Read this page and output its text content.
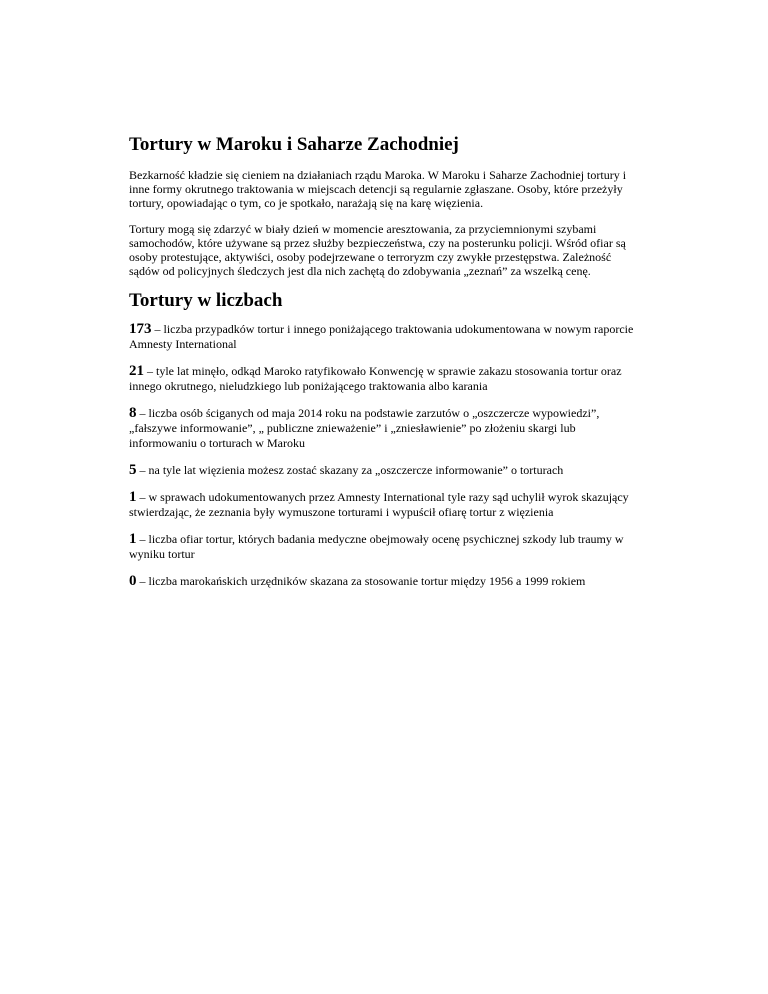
Tortury w Maroku i Saharze Zachodniej

Bezkarność kładzie się cieniem na działaniach rządu Maroka. W Maroku i Saharze Zachodniej tortury i inne formy okrutnego traktowania w miejscach detencji są regularnie zgłaszane. Osoby, które przeżyły tortury, opowiadając o tym, co je spotkało, narażają się na karę więzienia.

Tortury mogą się zdarzyć w biały dzień w momencie aresztowania, za przyciemnionymi szybami samochodów, które używane są przez służby bezpieczeństwa, czy na posterunku policji. Wśród ofiar są osoby protestujące, aktywiści, osoby podejrzewane o terroryzm czy zwykłe przestępstwa. Zależność sądów od policyjnych śledczych jest dla nich zachętą do zdobywania „zeznań” za wszelką cenę.

Tortury w liczbach
173 – liczba przypadków tortur i innego poniżającego traktowania udokumentowana w nowym raporcie Amnesty International
21 – tyle lat minęło, odkąd Maroko ratyfikowało Konwencję w sprawie zakazu stosowania tortur oraz innego okrutnego, nieludzkiego lub poniżającego traktowania albo karania
8 – liczba osób ściganych od maja 2014 roku na podstawie zarzutów o „oszczercze wypowiedzi”, „fałszywe informowanie”, „ publiczne znieważenie” i „zniesławienie” po złożeniu skargi lub informowaniu o torturach w Maroku
5 – na tyle lat więzienia możesz zostać skazany za „oszczercze informowanie” o torturach
1 – w sprawach udokumentowanych przez Amnesty International tyle razy sąd uchylił wyrok skazujący stwierdzając, że zeznania były wymuszone torturami i wypuścił ofiarę tortur z więzienia
1 – liczba ofiar tortur, których badania medyczne obejmowały ocenę psychicznej szkody lub traumy w wyniku tortur
0 – liczba marokańskich urzędników skazana za stosowanie tortur między 1956 a 1999 rokiem
